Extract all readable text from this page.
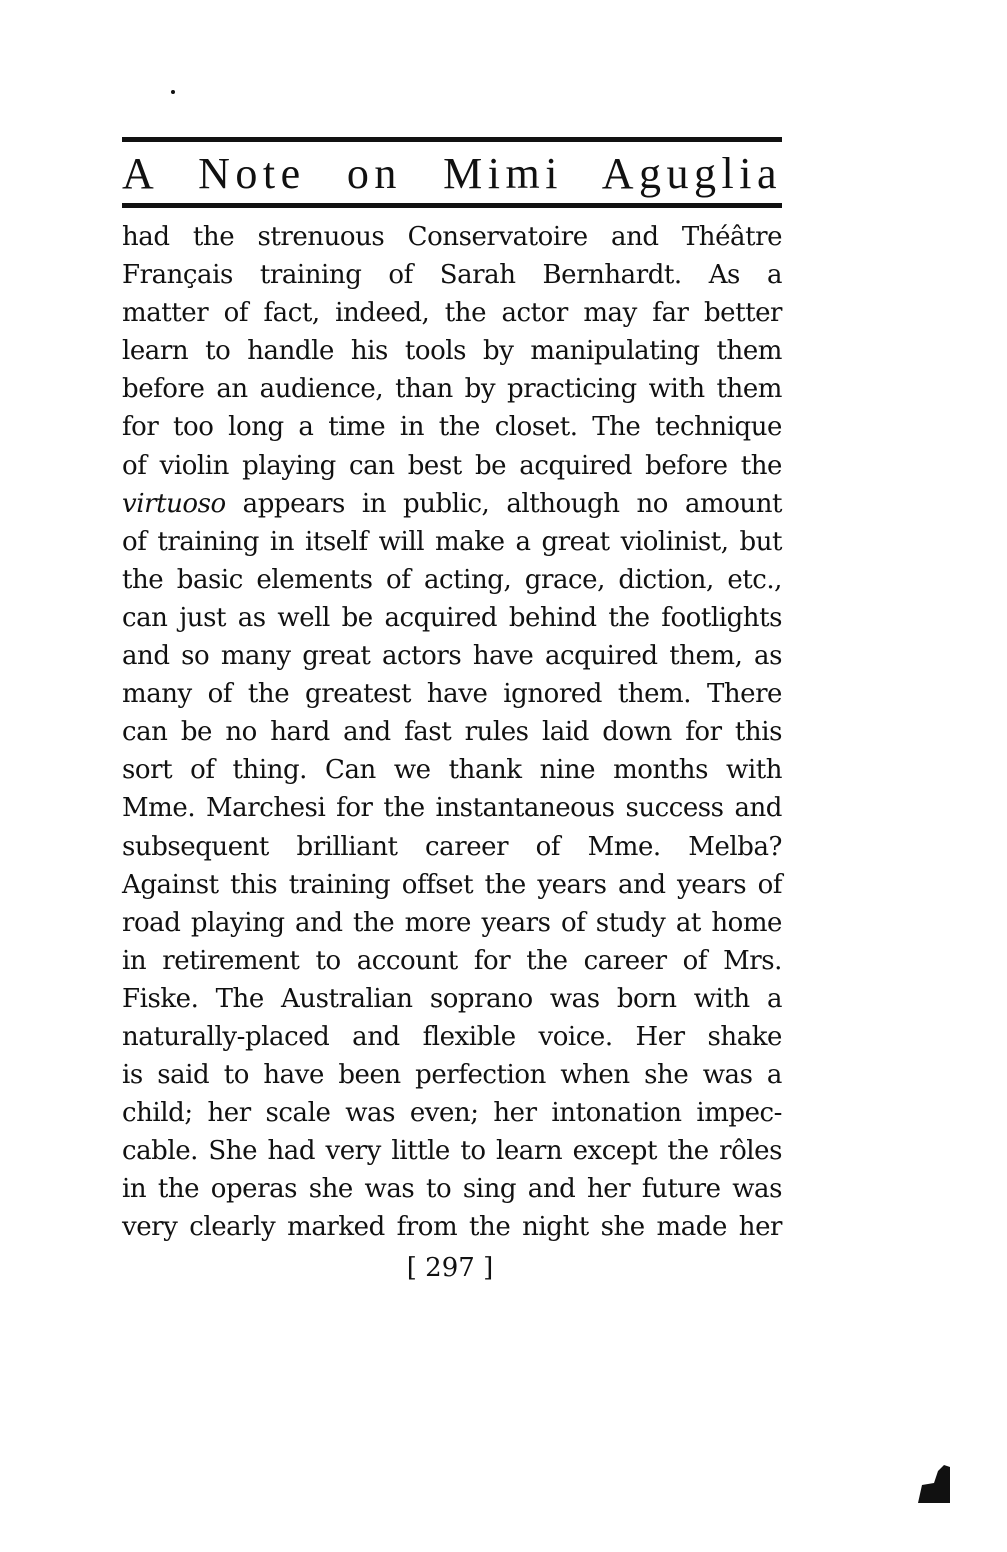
A Note on Mimi Aguglia
had the strenuous Conservatoire and Théâtre
Français training of Sarah Bernhardt. As a
matter of fact, indeed, the actor may far better
learn to handle his tools by manipulating them
before an audience, than by practicing with them
for too long a time in the closet. The technique
of violin playing can best be acquired before the
virtuoso appears in public, although no amount
of training in itself will make a great violinist, but
the basic elements of acting, grace, diction, etc.,
can just as well be acquired behind the footlights
and so many great actors have acquired them, as
many of the greatest have ignored them. There
can be no hard and fast rules laid down for this
sort of thing. Can we thank nine months with
Mme. Marchesi for the instantaneous success and
subsequent brilliant career of Mme. Melba?
Against this training offset the years and years of
road playing and the more years of study at home
in retirement to account for the career of Mrs.
Fiske. The Australian soprano was born with a
naturally-placed and flexible voice. Her shake
is said to have been perfection when she was a
child; her scale was even; her intonation impec-
cable. She had very little to learn except the rôles
in the operas she was to sing and her future was
very clearly marked from the night she made her
[ 297 ]
